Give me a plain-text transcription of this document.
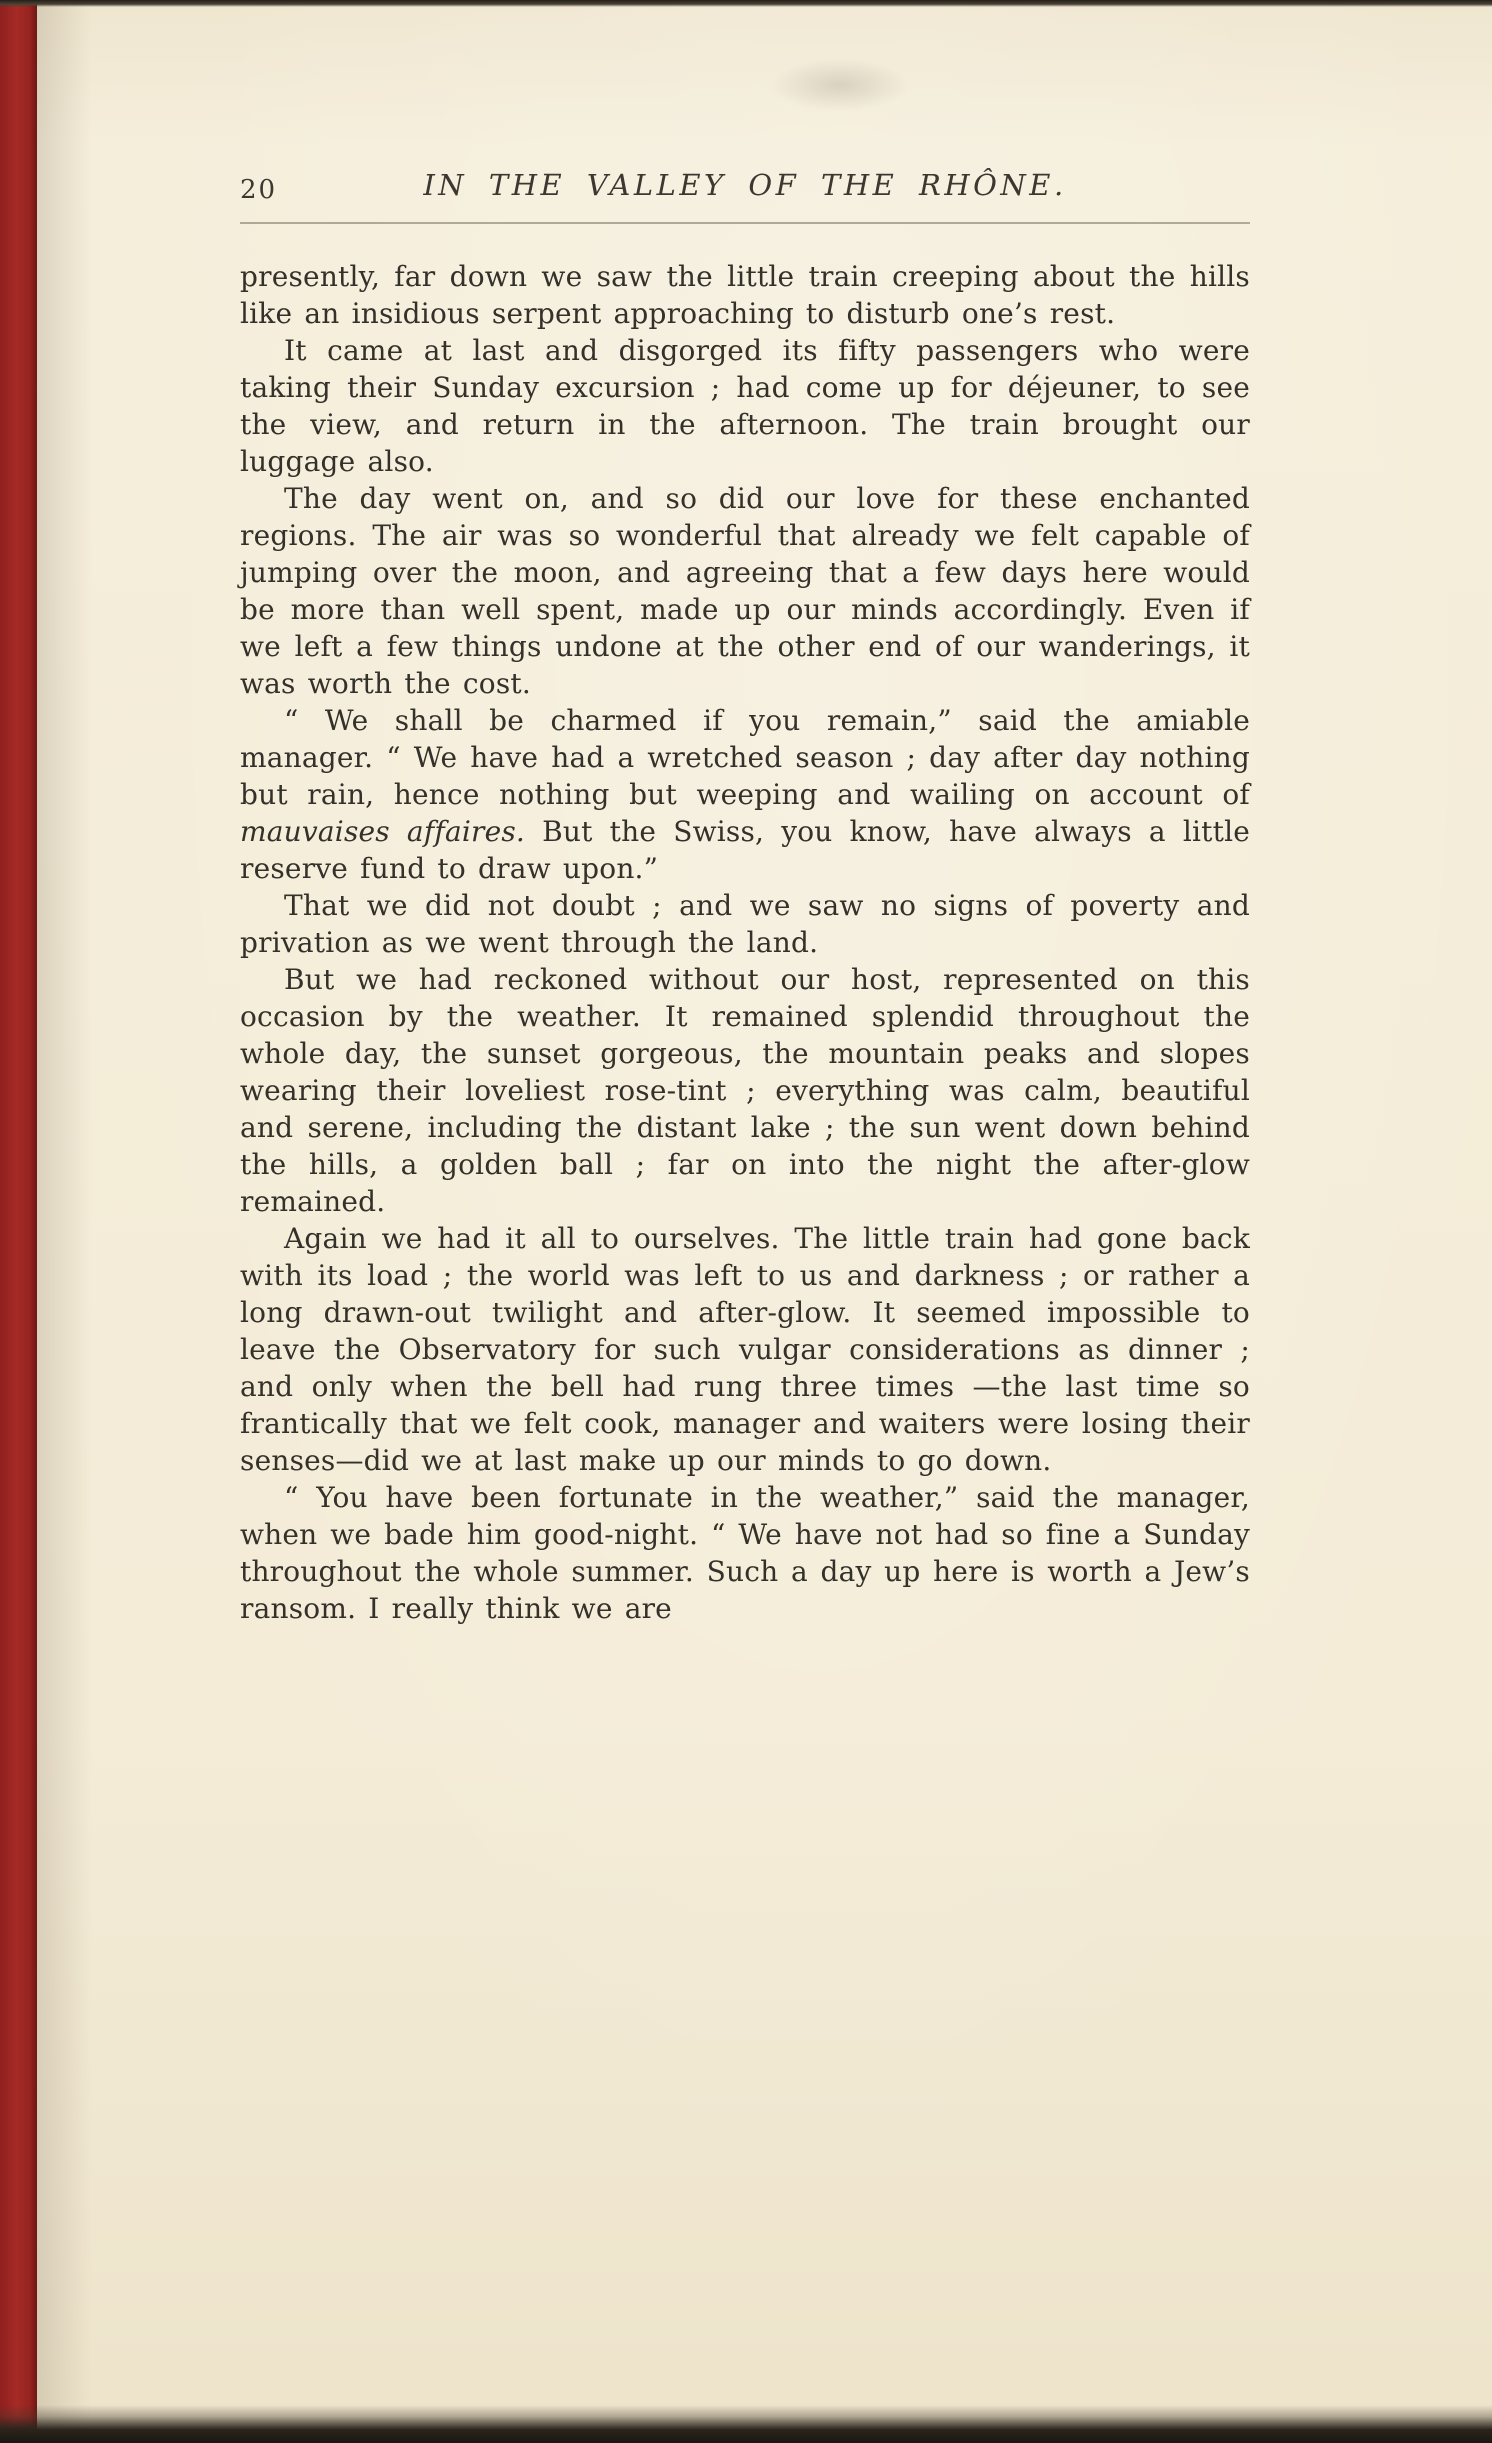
20	IN THE VALLEY OF THE RHÔNE.

presently, far down we saw the little train creeping about the hills like an insidious serpent approaching to disturb one’s rest.

It came at last and disgorged its fifty passengers who were taking their Sunday excursion ; had come up for déjeuner, to see the view, and return in the afternoon. The train brought our luggage also.

The day went on, and so did our love for these enchanted regions. The air was so wonderful that already we felt capable of jumping over the moon, and agreeing that a few days here would be more than well spent, made up our minds accordingly. Even if we left a few things undone at the other end of our wanderings, it was worth the cost.

“ We shall be charmed if you remain,” said the amiable manager. “ We have had a wretched season ; day after day nothing but rain, hence nothing but weeping and wailing on account of mauvaises affaires. But the Swiss, you know, have always a little reserve fund to draw upon.”

That we did not doubt ; and we saw no signs of poverty and privation as we went through the land.

But we had reckoned without our host, represented on this occasion by the weather. It remained splendid throughout the whole day, the sunset gorgeous, the mountain peaks and slopes wearing their loveliest rose-tint ; everything was calm, beautiful and serene, including the distant lake ; the sun went down behind the hills, a golden ball ; far on into the night the after-glow remained.

Again we had it all to ourselves. The little train had gone back with its load ; the world was left to us and darkness ; or rather a long drawn-out twilight and after-glow. It seemed impossible to leave the Observatory for such vulgar considerations as dinner ; and only when the bell had rung three times —the last time so frantically that we felt cook, manager and waiters were losing their senses—did we at last make up our minds to go down.

“ You have been fortunate in the weather,” said the manager, when we bade him good-night. “ We have not had so fine a Sunday throughout the whole summer. Such a day up here is worth a Jew’s ransom. I really think we are
